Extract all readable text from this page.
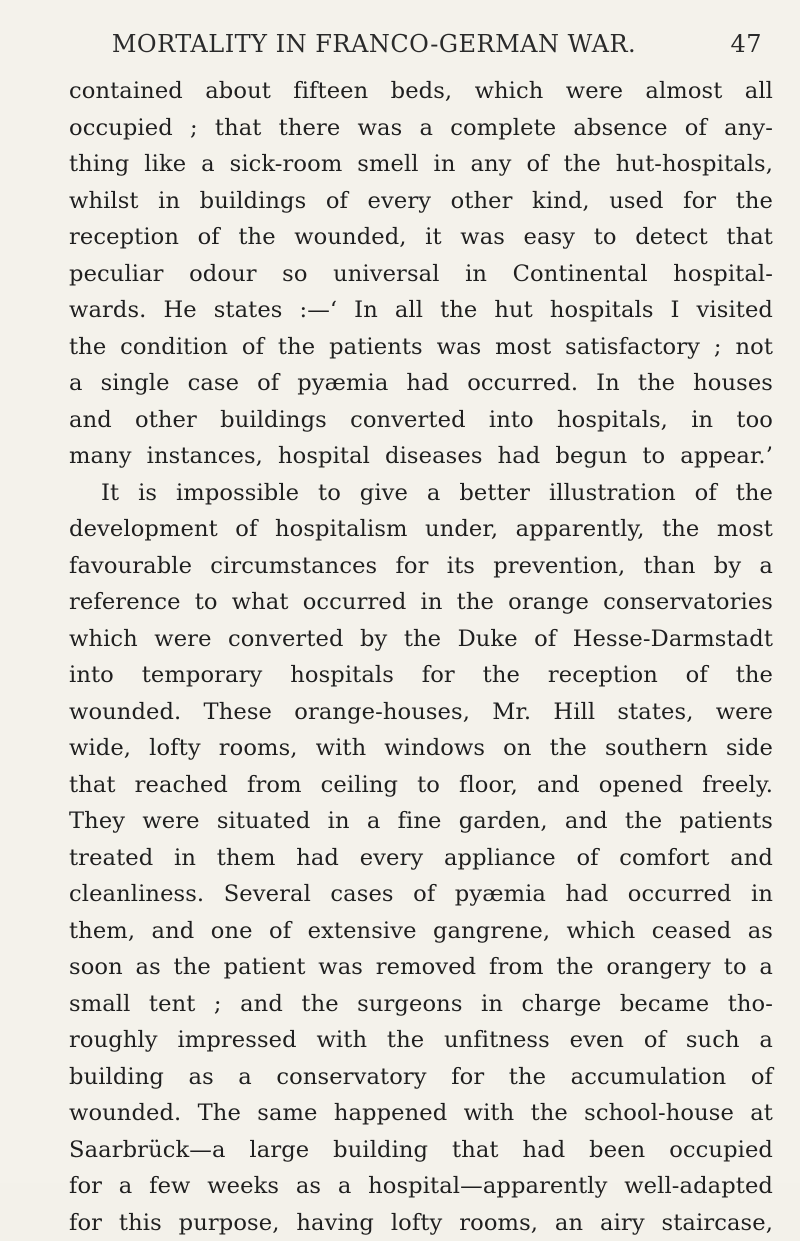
MORTALITY IN FRANCO-GERMAN WAR.	47
contained about fifteen beds, which were almost all
occupied ; that there was a complete absence of any-
thing like a sick-room smell in any of the hut-hospitals,
whilst in buildings of every other kind, used for the
reception of the wounded, it was easy to detect that
peculiar odour so universal in Continental hospital-
wards. He states :—‘ In all the hut hospitals I visited
the condition of the patients was most satisfactory ; not
a single case of pyæmia had occurred. In the houses
and other buildings converted into hospitals, in too
many instances, hospital diseases had begun to appear.’
It is impossible to give a better illustration of the
development of hospitalism under, apparently, the most
favourable circumstances for its prevention, than by a
reference to what occurred in the orange conservatories
which were converted by the Duke of Hesse-Darmstadt
into temporary hospitals for the reception of the
wounded. These orange-houses, Mr. Hill states, were
wide, lofty rooms, with windows on the southern side
that reached from ceiling to floor, and opened freely.
They were situated in a fine garden, and the patients
treated in them had every appliance of comfort and
cleanliness. Several cases of pyæmia had occurred in
them, and one of extensive gangrene, which ceased as
soon as the patient was removed from the orangery to a
small tent ; and the surgeons in charge became tho-
roughly impressed with the unfitness even of such a
building as a conservatory for the accumulation of
wounded. The same happened with the school-house at
Saarbrück—a large building that had been occupied
for a few weeks as a hospital—apparently well-adapted
for this purpose, having lofty rooms, an airy staircase,
